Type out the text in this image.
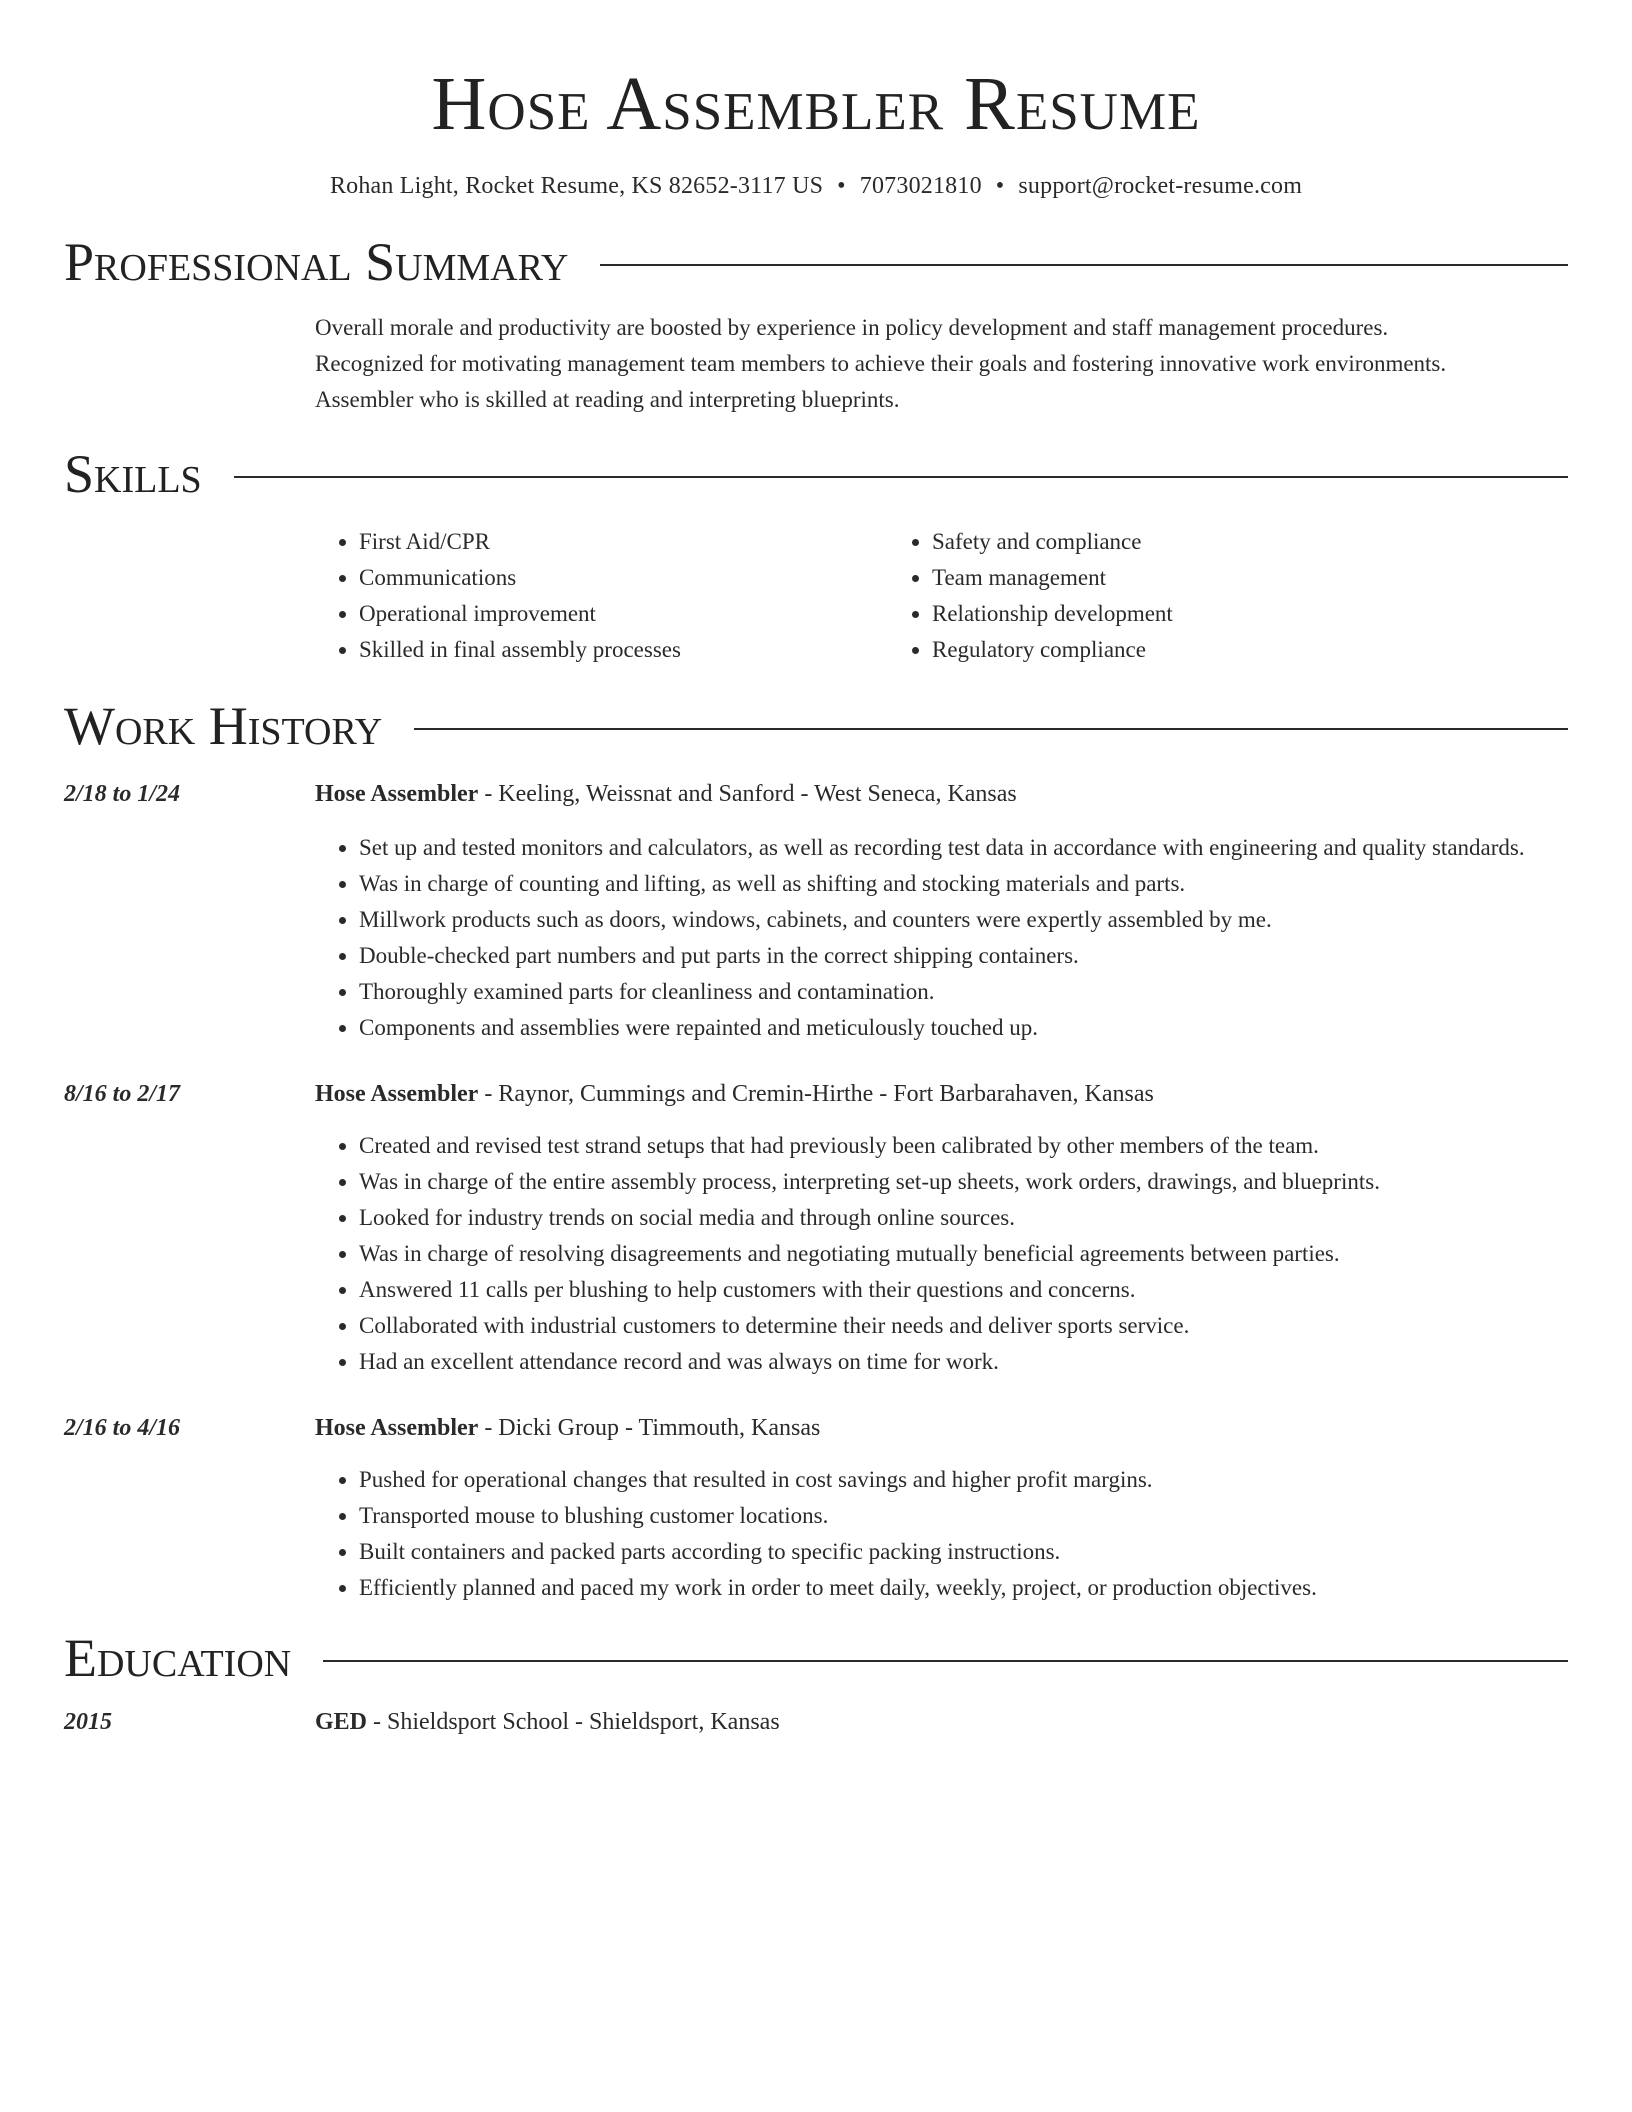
Hose Assembler Resume
Rohan Light, Rocket Resume, KS 82652-3117 US • 7073021810 • support@rocket-resume.com
Professional Summary

Overall morale and productivity are boosted by experience in policy development and staff management procedures.

Recognized for motivating management team members to achieve their goals and fostering innovative work environments.

Assembler who is skilled at reading and interpreting blueprints.

Skills
• First Aid/CPR
• Communications
• Operational improvement
• Skilled in final assembly processes
• Safety and compliance
• Team management
• Relationship development
• Regulatory compliance
Work History
2/18 to 1/24	Hose Assembler - Keeling, Weissnat and Sanford - West Seneca, Kansas
• Set up and tested monitors and calculators, as well as recording test data in accordance with engineering and quality standards.
• Was in charge of counting and lifting, as well as shifting and stocking materials and parts.
• Millwork products such as doors, windows, cabinets, and counters were expertly assembled by me.
• Double-checked part numbers and put parts in the correct shipping containers.
• Thoroughly examined parts for cleanliness and contamination.
• Components and assemblies were repainted and meticulously touched up.
8/16 to 2/17	Hose Assembler - Raynor, Cummings and Cremin-Hirthe - Fort Barbarahaven, Kansas
• Created and revised test strand setups that had previously been calibrated by other members of the team.
• Was in charge of the entire assembly process, interpreting set-up sheets, work orders, drawings, and blueprints.
• Looked for industry trends on social media and through online sources.
• Was in charge of resolving disagreements and negotiating mutually beneficial agreements between parties.
• Answered 11 calls per blushing to help customers with their questions and concerns.
• Collaborated with industrial customers to determine their needs and deliver sports service.
• Had an excellent attendance record and was always on time for work.
2/16 to 4/16	Hose Assembler - Dicki Group - Timmouth, Kansas
• Pushed for operational changes that resulted in cost savings and higher profit margins.
• Transported mouse to blushing customer locations.
• Built containers and packed parts according to specific packing instructions.
• Efficiently planned and paced my work in order to meet daily, weekly, project, or production objectives.
Education
2015	GED - Shieldsport School - Shieldsport, Kansas
